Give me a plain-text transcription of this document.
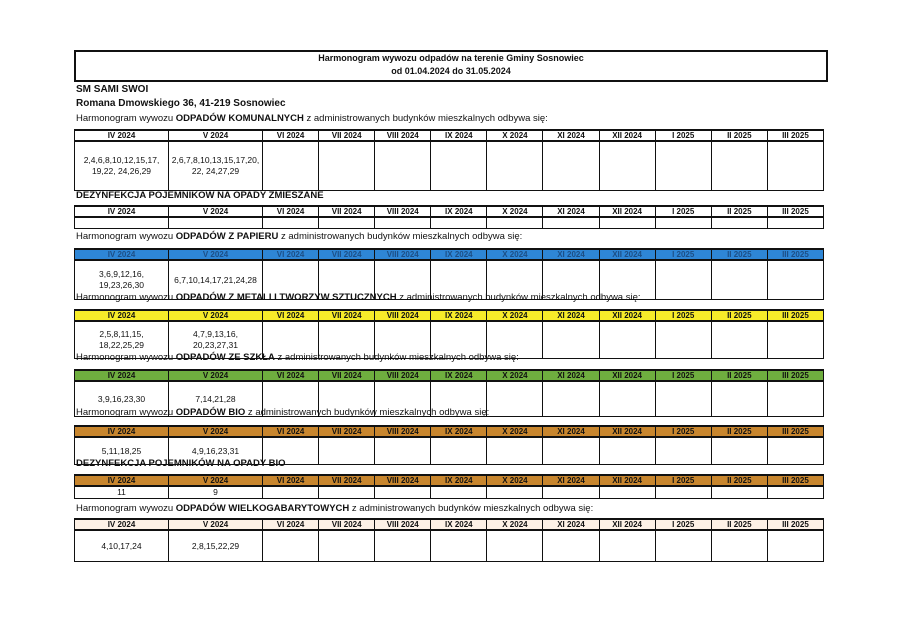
Harmonogram wywozu odpadów na terenie Gminy Sosnowiec
od 01.04.2024 do 31.05.2024
SM SAMI SWOI
Romana Dmowskiego 36, 41-219 Sosnowiec
Harmonogram wywozu ODPADÓW KOMUNALNYCH z administrowanych budynków mieszkalnych odbywa się:
IV 2024	V 2024	VI 2024	VII 2024	VIII 2024	IX 2024	X 2024	XI 2024	XII 2024	I 2025	II 2025	III 2025
2,4,6,8,10,12,15,17,
19,22, 24,26,29	2,6,7,8,10,13,15,17,20,
22, 24,27,29										
DEZYNFEKCJA POJEMNIKOW NA OPADY ZMIESZANE
IV 2024	V 2024	VI 2024	VII 2024	VIII 2024	IX 2024	X 2024	XI 2024	XII 2024	I 2025	II 2025	III 2025

Harmonogram wywozu ODPADÓW Z PAPIERU z administrowanych budynków mieszkalnych odbywa się:
IV 2024	V 2024	VI 2024	VII 2024	VIII 2024	IX 2024	X 2024	XI 2024	XII 2024	I 2025	II 2025	III 2025
3,6,9,12,16,
19,23,26,30	6,7,10,14,17,21,24,28										
Harmonogram wywozu ODPADÓW Z METALI I TWORZYW SZTUCZNYCH z administrowanych budynków mieszkalnych odbywa się:
IV 2024	V 2024	VI 2024	VII 2024	VIII 2024	IX 2024	X 2024	XI 2024	XII 2024	I 2025	II 2025	III 2025
2,5,8,11,15,
18,22,25,29	4,7,9,13,16,
20,23,27,31										
Harmonogram wywozu ODPADÓW ZE SZKŁA z administrowanych budynków mieszkalnych odbywa się:
IV 2024	V 2024	VI 2024	VII 2024	VIII 2024	IX 2024	X 2024	XI 2024	XII 2024	I 2025	II 2025	III 2025
3,9,16,23,30	7,14,21,28										
Harmonogram wywozu ODPADÓW BIO z administrowanych budynków mieszkalnych odbywa się:
IV 2024	V 2024	VI 2024	VII 2024	VIII 2024	IX 2024	X 2024	XI 2024	XII 2024	I 2025	II 2025	III 2025
5,11,18,25	4,9,16,23,31										
DEZYNFEKCJA POJEMNIKÓW NA OPADY BIO
IV 2024	V 2024	VI 2024	VII 2024	VIII 2024	IX 2024	X 2024	XI 2024	XII 2024	I 2025	II 2025	III 2025
11	9										
Harmonogram wywozu ODPADÓW WIELKOGABARYTOWYCH z administrowanych budynków mieszkalnych odbywa się:
IV 2024	V 2024	VI 2024	VII 2024	VIII 2024	IX 2024	X 2024	XI 2024	XII 2024	I 2025	II 2025	III 2025
4,10,17,24	2,8,15,22,29										
